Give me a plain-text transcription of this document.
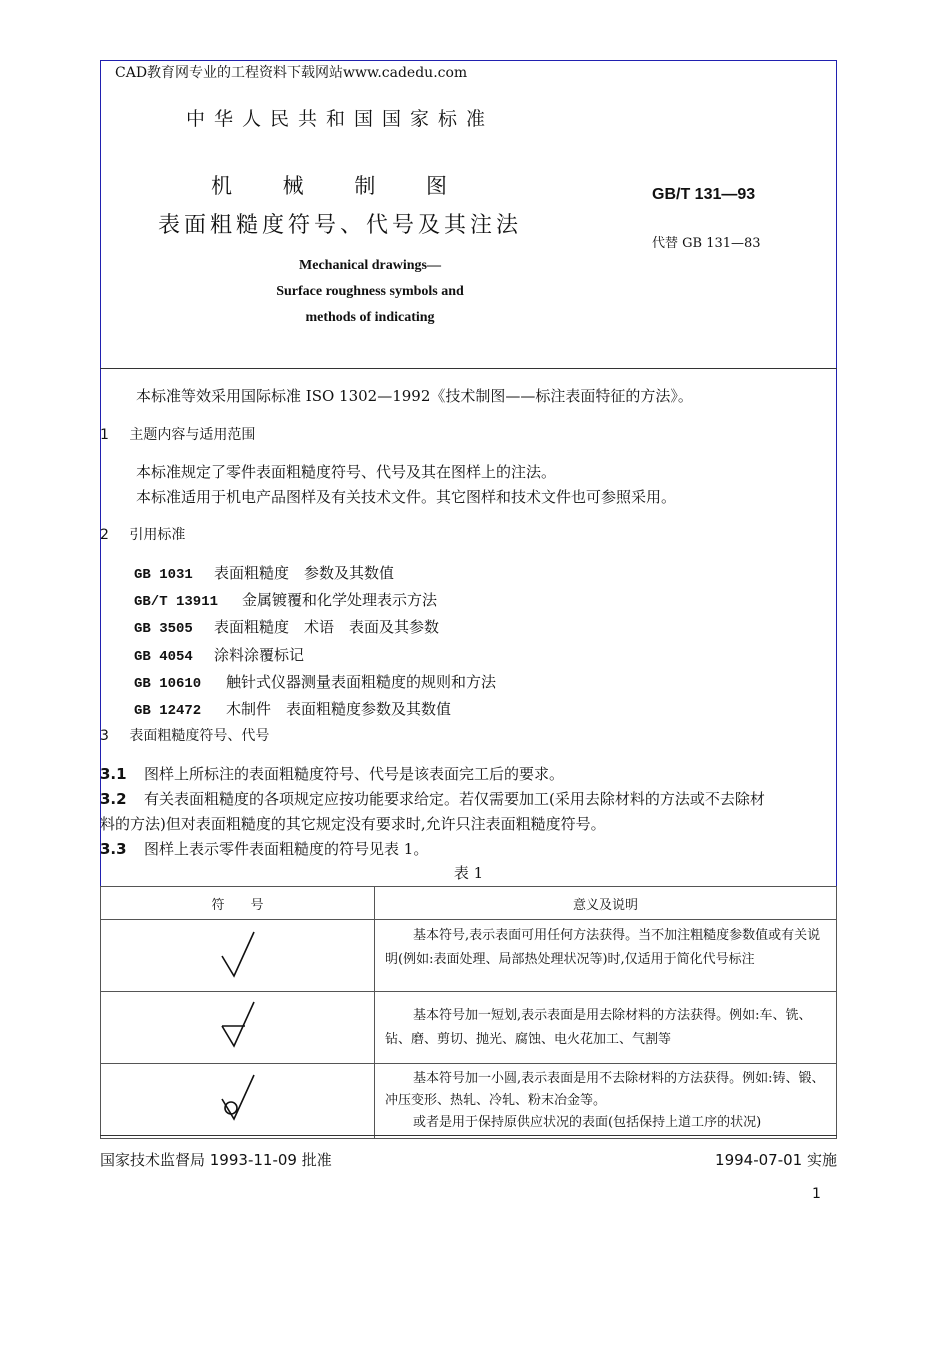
CAD教育网专业的工程资料下载网站www.cadedu.com
中华人民共和国国家标准
机 械 制 图
表面粗糙度符号、代号及其注法
Mechanical drawings—
Surface roughness symbols and
methods of indicating
GB/T 131—93
代替 GB 131—83
本标准等效采用国际标准 ISO 1302—1992《技术制图——标注表面特征的方法》。
1 主题内容与适用范围
本标准规定了零件表面粗糙度符号、代号及其在图样上的注法。
本标准适用于机电产品图样及有关技术文件。其它图样和技术文件也可参照采用。
2 引用标准
GB 1031 表面粗糙度　参数及其数值
GB/T 13911 金属镀覆和化学处理表示方法
GB 3505 表面粗糙度　术语　表面及其参数
GB 4054 涂料涂覆标记
GB 10610 触针式仪器测量表面粗糙度的规则和方法
GB 12472 木制件　表面粗糙度参数及其数值
3 表面粗糙度符号、代号
3.1 图样上所标注的表面粗糙度符号、代号是该表面完工后的要求。
3.2 有关表面粗糙度的各项规定应按功能要求给定。若仅需要加工(采用去除材料的方法或不去除材
料的方法)但对表面粗糙度的其它规定没有要求时,允许只注表面粗糙度符号。
3.3 图样上表示零件表面粗糙度的符号见表 1。
表 1
符　　号	意义及说明

基本符号,表示表面可用任何方法获得。当不加注粗糙度参数值或有关说明(例如:表面处理、局部热处理状况等)时,仅适用于简化代号标注

基本符号加一短划,表示表面是用去除材料的方法获得。例如:车、铣、钻、磨、剪切、抛光、腐蚀、电火花加工、气割等

基本符号加一小圆,表示表面是用不去除材料的方法获得。例如:铸、锻、冲压变形、热轧、冷轧、粉末冶金等。
或者是用于保持原供应状况的表面(包括保持上道工序的状况)
国家技术监督局 1993-11-09 批准	1994-07-01 实施
1
